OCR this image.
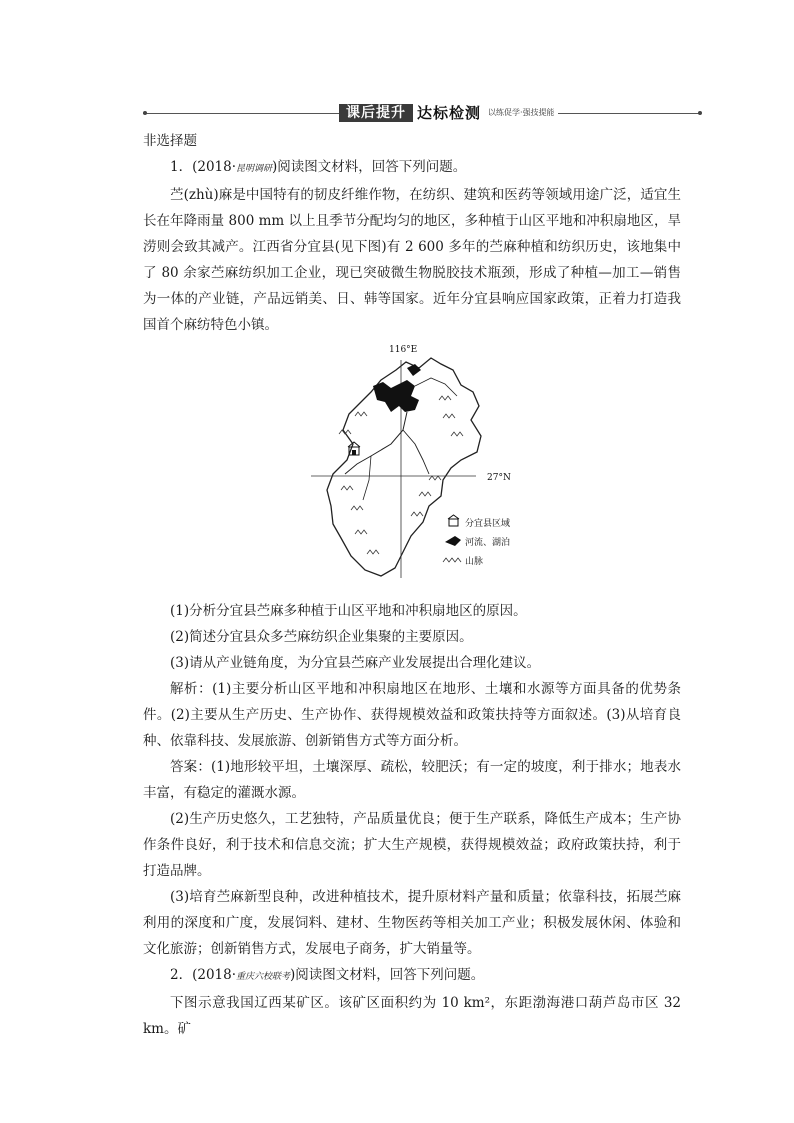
课后提升 达标检测 以练促学·强技提能

非选择题

1．(2018·昆明调研)阅读图文材料，回答下列问题。

苎(zhù)麻是中国特有的韧皮纤维作物，在纺织、建筑和医药等领域用途广泛，适宜生长在年降雨量 800 mm 以上且季节分配均匀的地区，多种植于山区平地和冲积扇地区，旱涝则会致其减产。江西省分宜县(见下图)有 2 600 多年的苎麻种植和纺织历史，该地集中了 80 余家苎麻纺织加工企业，现已突破微生物脱胶技术瓶颈，形成了种植—加工—销售为一体的产业链，产品远销美、日、韩等国家。近年分宜县响应国家政策，正着力打造我国首个麻纺特色小镇。

116°E
27°N
分宜县区域
河流、湖泊
山脉

(1)分析分宜县苎麻多种植于山区平地和冲积扇地区的原因。

(2)简述分宜县众多苎麻纺织企业集聚的主要原因。

(3)请从产业链角度，为分宜县苎麻产业发展提出合理化建议。

解析：(1)主要分析山区平地和冲积扇地区在地形、土壤和水源等方面具备的优势条件。(2)主要从生产历史、生产协作、获得规模效益和政策扶持等方面叙述。(3)从培育良种、依靠科技、发展旅游、创新销售方式等方面分析。

答案：(1)地形较平坦，土壤深厚、疏松，较肥沃；有一定的坡度，利于排水；地表水丰富，有稳定的灌溉水源。

(2)生产历史悠久，工艺独特，产品质量优良；便于生产联系，降低生产成本；生产协作条件良好，利于技术和信息交流；扩大生产规模，获得规模效益；政府政策扶持，利于打造品牌。

(3)培育苎麻新型良种，改进种植技术，提升原材料产量和质量；依靠科技，拓展苎麻利用的深度和广度，发展饲料、建材、生物医药等相关加工产业；积极发展休闲、体验和文化旅游；创新销售方式，发展电子商务，扩大销量等。

2．(2018·重庆六校联考)阅读图文材料，回答下列问题。

下图示意我国辽西某矿区。该矿区面积约为 10 km²，东距渤海港口葫芦岛市区 32 km。矿
